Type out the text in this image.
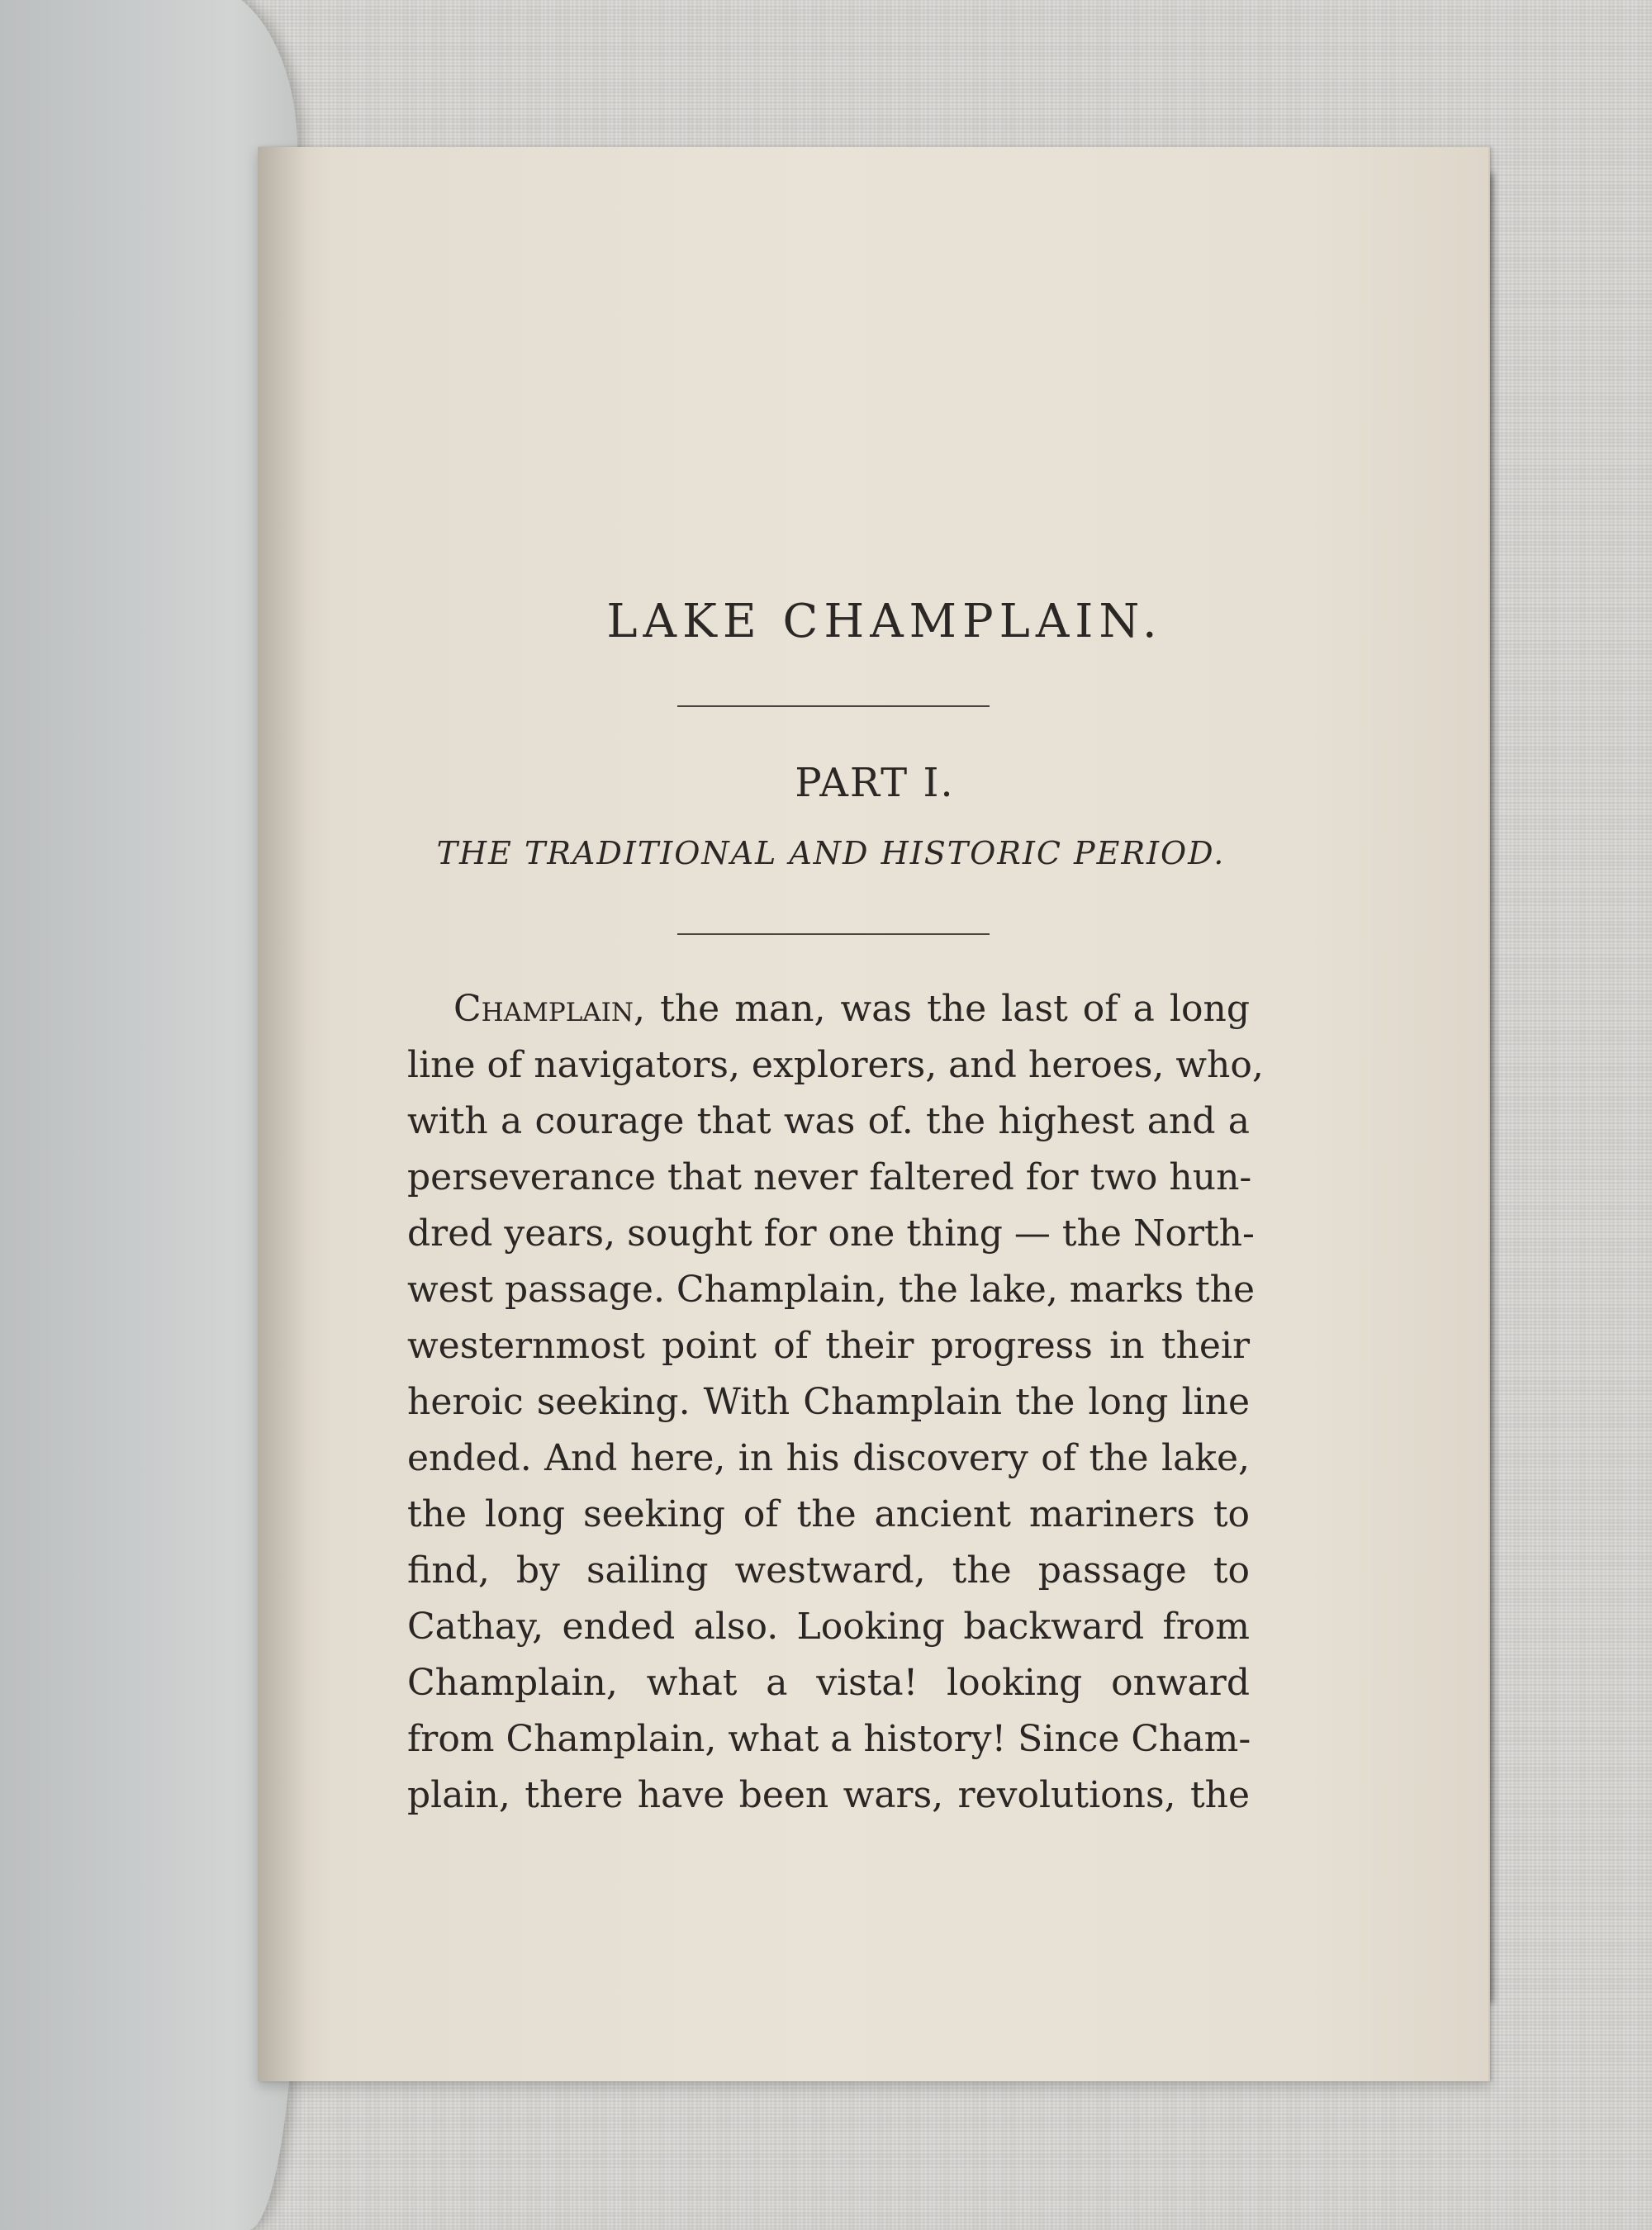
LAKE CHAMPLAIN.
PART I.

THE TRADITIONAL AND HISTORIC PERIOD.

Champlain, the man, was the last of a long
line of navigators, explorers, and heroes, who,
with a courage that was of. the highest and a
perseverance that never faltered for two hun-
dred years, sought for one thing — the North-
west passage. Champlain, the lake, marks the
westernmost point of their progress in their
heroic seeking. With Champlain the long line
ended. And here, in his discovery of the lake,
the long seeking of the ancient mariners to
find, by sailing westward, the passage to
Cathay, ended also. Looking backward from
Champlain, what a vista! looking onward
from Champlain, what a history! Since Cham-
plain, there have been wars, revolutions, the
